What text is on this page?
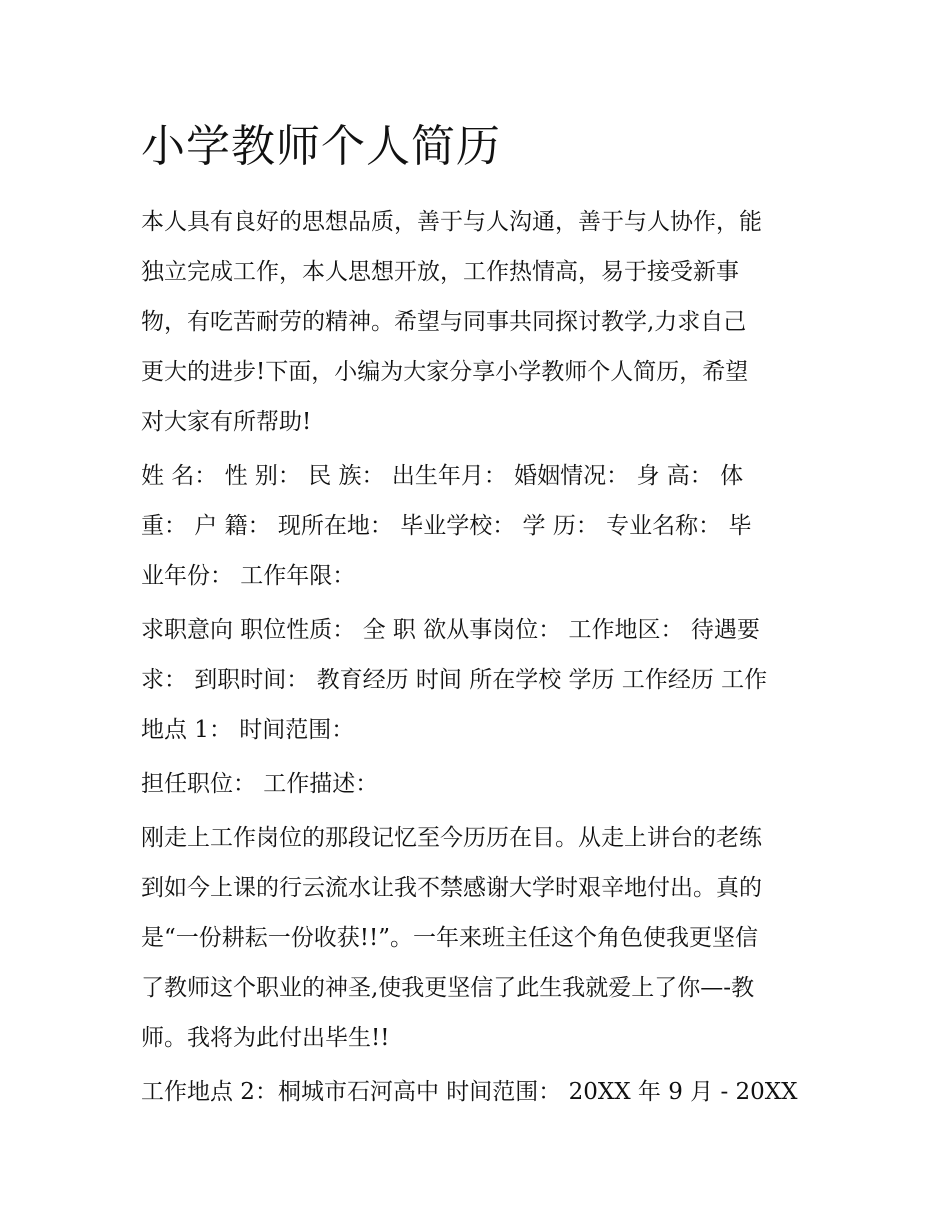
小学教师个人简历

本人具有良好的思想品质，善于与人沟通，善于与人协作，能
独立完成工作，本人思想开放，工作热情高，易于接受新事
物，有吃苦耐劳的精神。希望与同事共同探讨教学,力求自己
更大的进步!下面，小编为大家分享小学教师个人简历，希望
对大家有所帮助!

姓 名： 性 别： 民 族： 出生年月： 婚姻情况： 身 高： 体
重： 户 籍： 现所在地： 毕业学校： 学 历： 专业名称： 毕
业年份： 工作年限：

求职意向 职位性质： 全 职 欲从事岗位： 工作地区： 待遇要
求： 到职时间： 教育经历 时间 所在学校 学历 工作经历 工作
地点 1： 时间范围：

担任职位： 工作描述：

刚走上工作岗位的那段记忆至今历历在目。从走上讲台的老练
到如今上课的行云流水让我不禁感谢大学时艰辛地付出。真的
是“一份耕耘一份收获!!”。一年来班主任这个角色使我更坚信
了教师这个职业的神圣,使我更坚信了此生我就爱上了你—-教
师。我将为此付出毕生!!

工作地点 2：桐城市石河高中 时间范围： 20XX 年 9 月 - 20XX
